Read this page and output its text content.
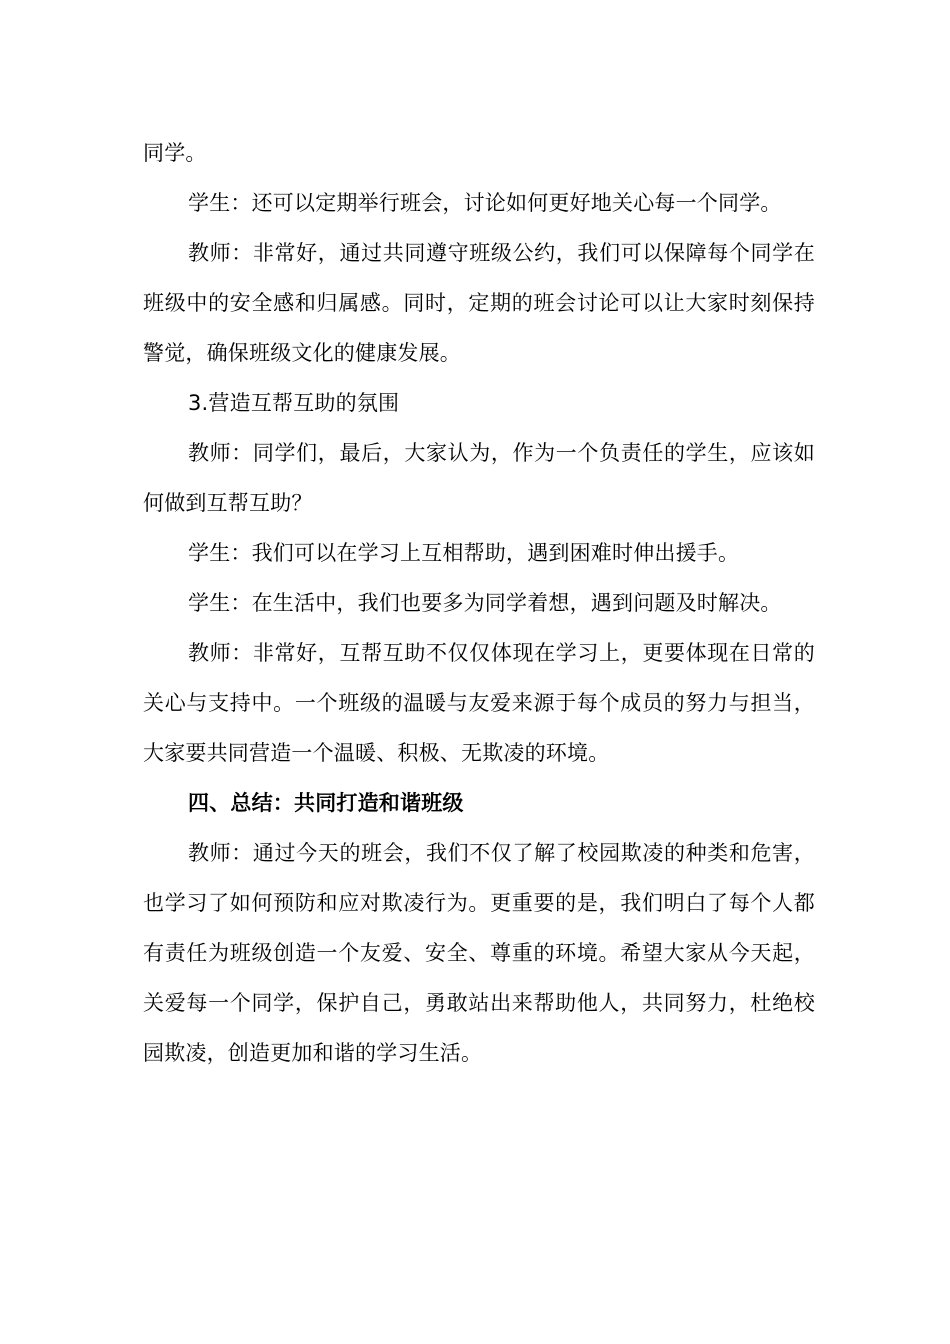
同学。

学生：还可以定期举行班会，讨论如何更好地关心每一个同学。

教师：非常好，通过共同遵守班级公约，我们可以保障每个同学在班级中的安全感和归属感。同时，定期的班会讨论可以让大家时刻保持警觉，确保班级文化的健康发展。

3.营造互帮互助的氛围

教师：同学们，最后，大家认为，作为一个负责任的学生，应该如何做到互帮互助？

学生：我们可以在学习上互相帮助，遇到困难时伸出援手。

学生：在生活中，我们也要多为同学着想，遇到问题及时解决。

教师：非常好，互帮互助不仅仅体现在学习上，更要体现在日常的关心与支持中。一个班级的温暖与友爱来源于每个成员的努力与担当，大家要共同营造一个温暖、积极、无欺凌的环境。

四、总结：共同打造和谐班级

教师：通过今天的班会，我们不仅了解了校园欺凌的种类和危害，也学习了如何预防和应对欺凌行为。更重要的是，我们明白了每个人都有责任为班级创造一个友爱、安全、尊重的环境。希望大家从今天起，关爱每一个同学，保护自己，勇敢站出来帮助他人，共同努力，杜绝校园欺凌，创造更加和谐的学习生活。
